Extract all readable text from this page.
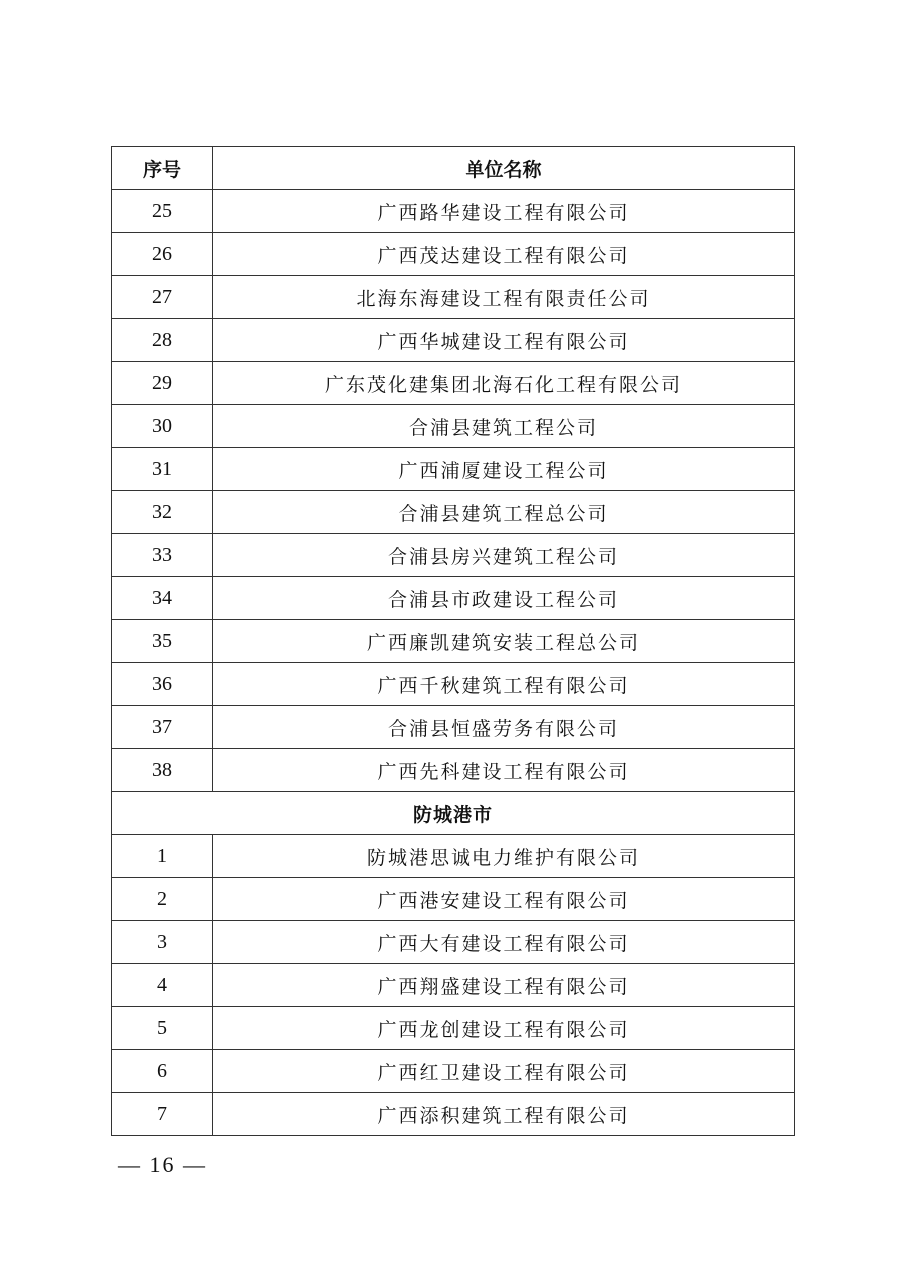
序号	单位名称
25	广西路华建设工程有限公司
26	广西茂达建设工程有限公司
27	北海东海建设工程有限责任公司
28	广西华城建设工程有限公司
29	广东茂化建集团北海石化工程有限公司
30	合浦县建筑工程公司
31	广西浦厦建设工程公司
32	合浦县建筑工程总公司
33	合浦县房兴建筑工程公司
34	合浦县市政建设工程公司
35	广西廉凯建筑安装工程总公司
36	广西千秋建筑工程有限公司
37	合浦县恒盛劳务有限公司
38	广西先科建设工程有限公司
防城港市	
1	防城港思诚电力维护有限公司
2	广西港安建设工程有限公司
3	广西大有建设工程有限公司
4	广西翔盛建设工程有限公司
5	广西龙创建设工程有限公司
6	广西红卫建设工程有限公司
7	广西添积建筑工程有限公司
— 16 —
